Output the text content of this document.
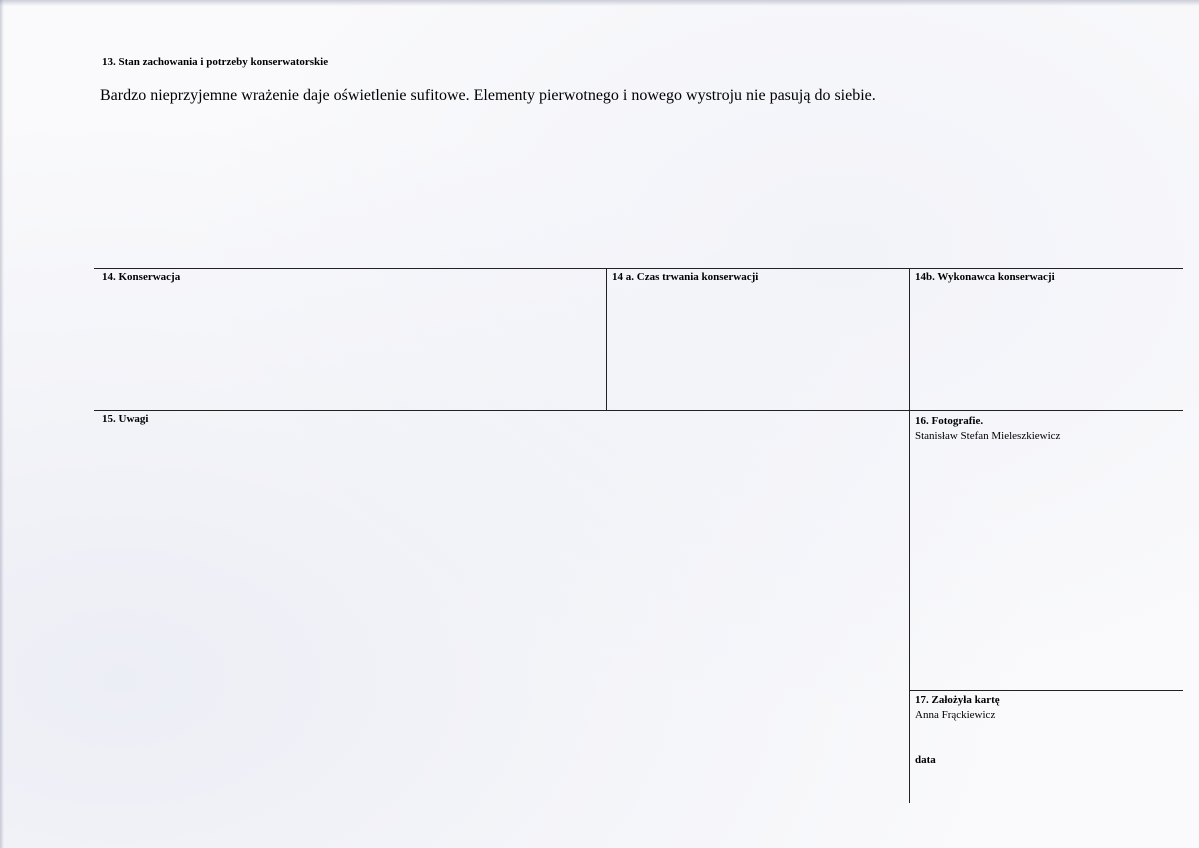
13. Stan zachowania i potrzeby konserwatorskie
Bardzo nieprzyjemne wrażenie daje oświetlenie sufitowe. Elementy pierwotnego i nowego wystroju nie pasują do siebie.
14. Konserwacja	14 a. Czas trwania konserwacji	14b. Wykonawca konserwacji
15. Uwagi	16. Fotografie.
Stanisław Stefan Mieleszkiewicz
17. Założyła kartę
Anna Frąckiewicz
data
